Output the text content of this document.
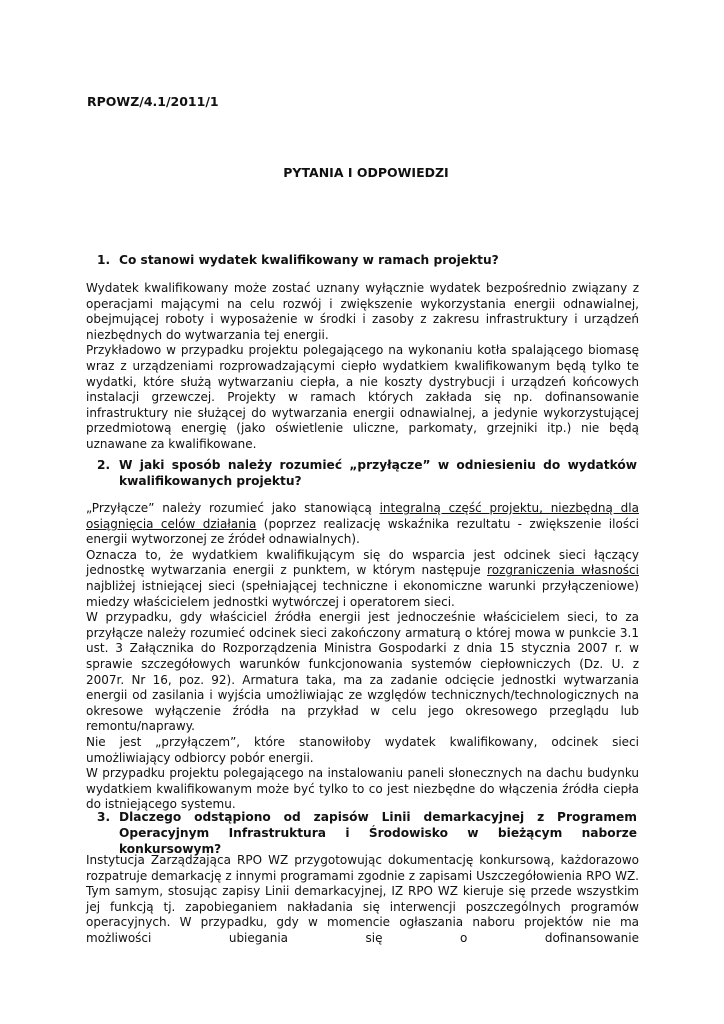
RPOWZ/4.1/2011/1
PYTANIA I ODPOWIEDZI
1. Co stanowi wydatek kwalifikowany w ramach projektu?

Wydatek kwalifikowany może zostać uznany wyłącznie wydatek bezpośrednio związany z operacjami mającymi na celu rozwój i zwiększenie wykorzystania energii odnawialnej, obejmującej roboty i wyposażenie w środki i zasoby z zakresu infrastruktury i urządzeń niezbędnych do wytwarzania tej energii.

Przykładowo w przypadku projektu polegającego na wykonaniu kotła spalającego biomasę wraz z urządzeniami rozprowadzającymi ciepło wydatkiem kwalifikowanym będą tylko te wydatki, które służą wytwarzaniu ciepła, a nie koszty dystrybucji i urządzeń końcowych instalacji grzewczej. Projekty w ramach których zakłada się np. dofinansowanie infrastruktury nie służącej do wytwarzania energii odnawialnej, a jedynie wykorzystującej przedmiotową energię (jako oświetlenie uliczne, parkomaty, grzejniki itp.) nie będą uznawane za kwalifikowane.

2. W jaki sposób należy rozumieć „przyłącze” w odniesieniu do wydatków kwalifikowanych projektu?

„Przyłącze” należy rozumieć jako stanowiącą integralną część projektu, niezbędną dla osiągnięcia celów działania (poprzez realizację wskaźnika rezultatu - zwiększenie ilości energii wytworzonej ze źródeł odnawialnych).

Oznacza to, że wydatkiem kwalifikującym się do wsparcia jest odcinek sieci łączący jednostkę wytwarzania energii z punktem, w którym następuje rozgraniczenia własności najbliżej istniejącej sieci (spełniającej techniczne i ekonomiczne warunki przyłączeniowe) miedzy właścicielem jednostki wytwórczej i operatorem sieci.

W przypadku, gdy właściciel źródła energii jest jednocześnie właścicielem sieci, to za przyłącze należy rozumieć odcinek sieci zakończony armaturą o której mowa w punkcie 3.1 ust. 3 Załącznika do Rozporządzenia Ministra Gospodarki z dnia 15 stycznia 2007 r. w sprawie szczegółowych warunków funkcjonowania systemów ciepłowniczych (Dz. U. z 2007r. Nr 16, poz. 92). Armatura taka, ma za zadanie odcięcie jednostki wytwarzania energii od zasilania i wyjścia umożliwiając ze względów technicznych/technologicznych na okresowe wyłączenie źródła na przykład w celu jego okresowego przeglądu lub remontu/naprawy.

Nie jest „przyłączem”, które stanowiłoby wydatek kwalifikowany, odcinek sieci umożliwiający odbiorcy pobór energii.

W przypadku projektu polegającego na instalowaniu paneli słonecznych na dachu budynku wydatkiem kwalifikowanym może być tylko to co jest niezbędne do włączenia źródła ciepła do istniejącego systemu.

3. Dlaczego odstąpiono od zapisów Linii demarkacyjnej z Programem Operacyjnym Infrastruktura i Środowisko w bieżącym naborze konkursowym?

Instytucja Zarządzająca RPO WZ przygotowując dokumentację konkursową, każdorazowo rozpatruje demarkację z innymi programami zgodnie z zapisami Uszczegółowienia RPO WZ. Tym samym, stosując zapisy Linii demarkacyjnej, IZ RPO WZ kieruje się przede wszystkim jej funkcją tj. zapobieganiem nakładania się interwencji poszczególnych programów operacyjnych. W przypadku, gdy w momencie ogłaszania naboru projektów nie ma możliwości ubiegania się o dofinansowanie
